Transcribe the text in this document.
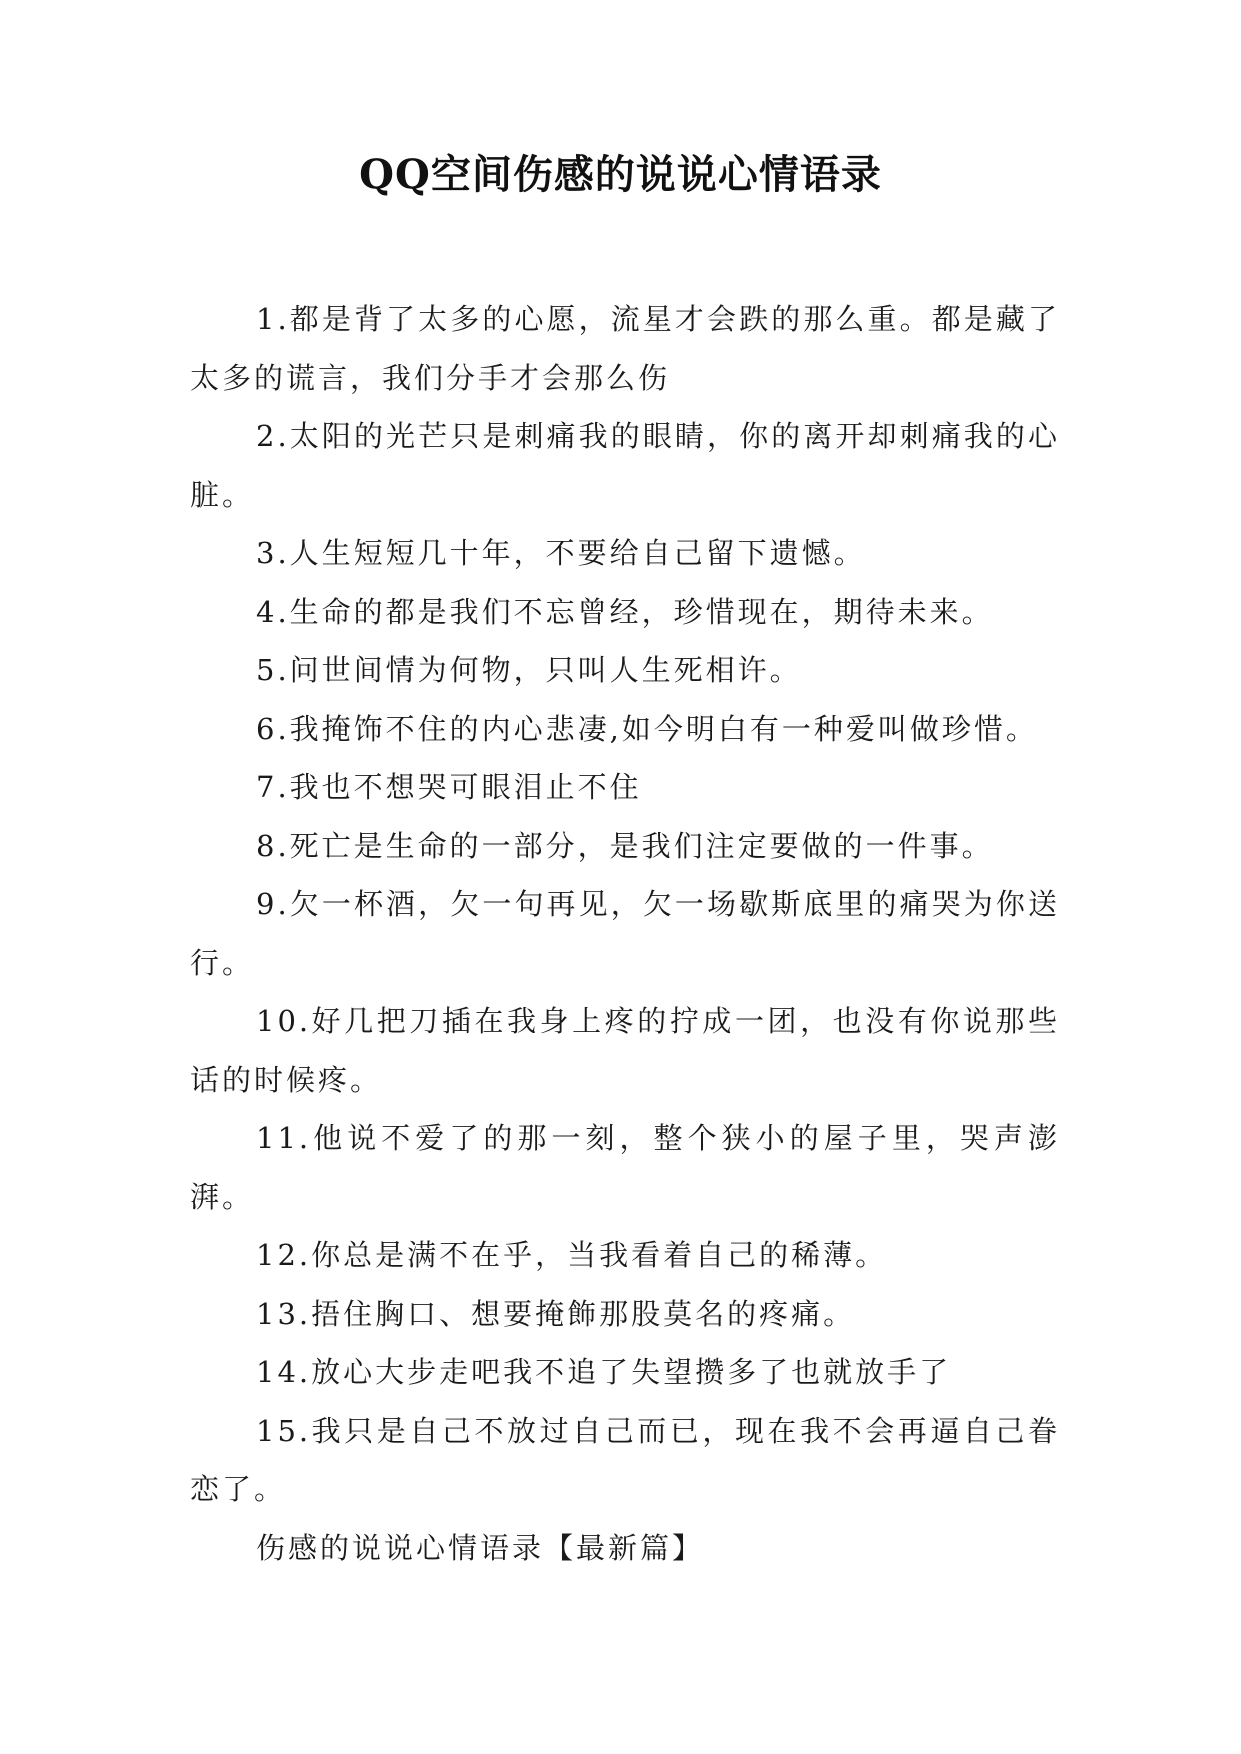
QQ空间伤感的说说心情语录

1.都是背了太多的心愿，流星才会跌的那么重。都是藏了太多的谎言，我们分手才会那么伤

2.太阳的光芒只是刺痛我的眼睛，你的离开却刺痛我的心脏。

3.人生短短几十年，不要给自己留下遗憾。

4.生命的都是我们不忘曾经，珍惜现在，期待未来。

5.问世间情为何物，只叫人生死相许。

6.我掩饰不住的内心悲凄,如今明白有一种爱叫做珍惜。

7.我也不想哭可眼泪止不住

8.死亡是生命的一部分，是我们注定要做的一件事。

9.欠一杯酒，欠一句再见，欠一场歇斯底里的痛哭为你送行。

10.好几把刀插在我身上疼的拧成一团，也没有你说那些话的时候疼。

11.他说不爱了的那一刻，整个狭小的屋子里，哭声澎湃。

12.你总是满不在乎，当我看着自己的稀薄。

13.捂住胸口、想要掩飾那股莫名的疼痛。

14.放心大步走吧我不追了失望攒多了也就放手了

15.我只是自己不放过自己而已，现在我不会再逼自己眷恋了。

伤感的说说心情语录【最新篇】
